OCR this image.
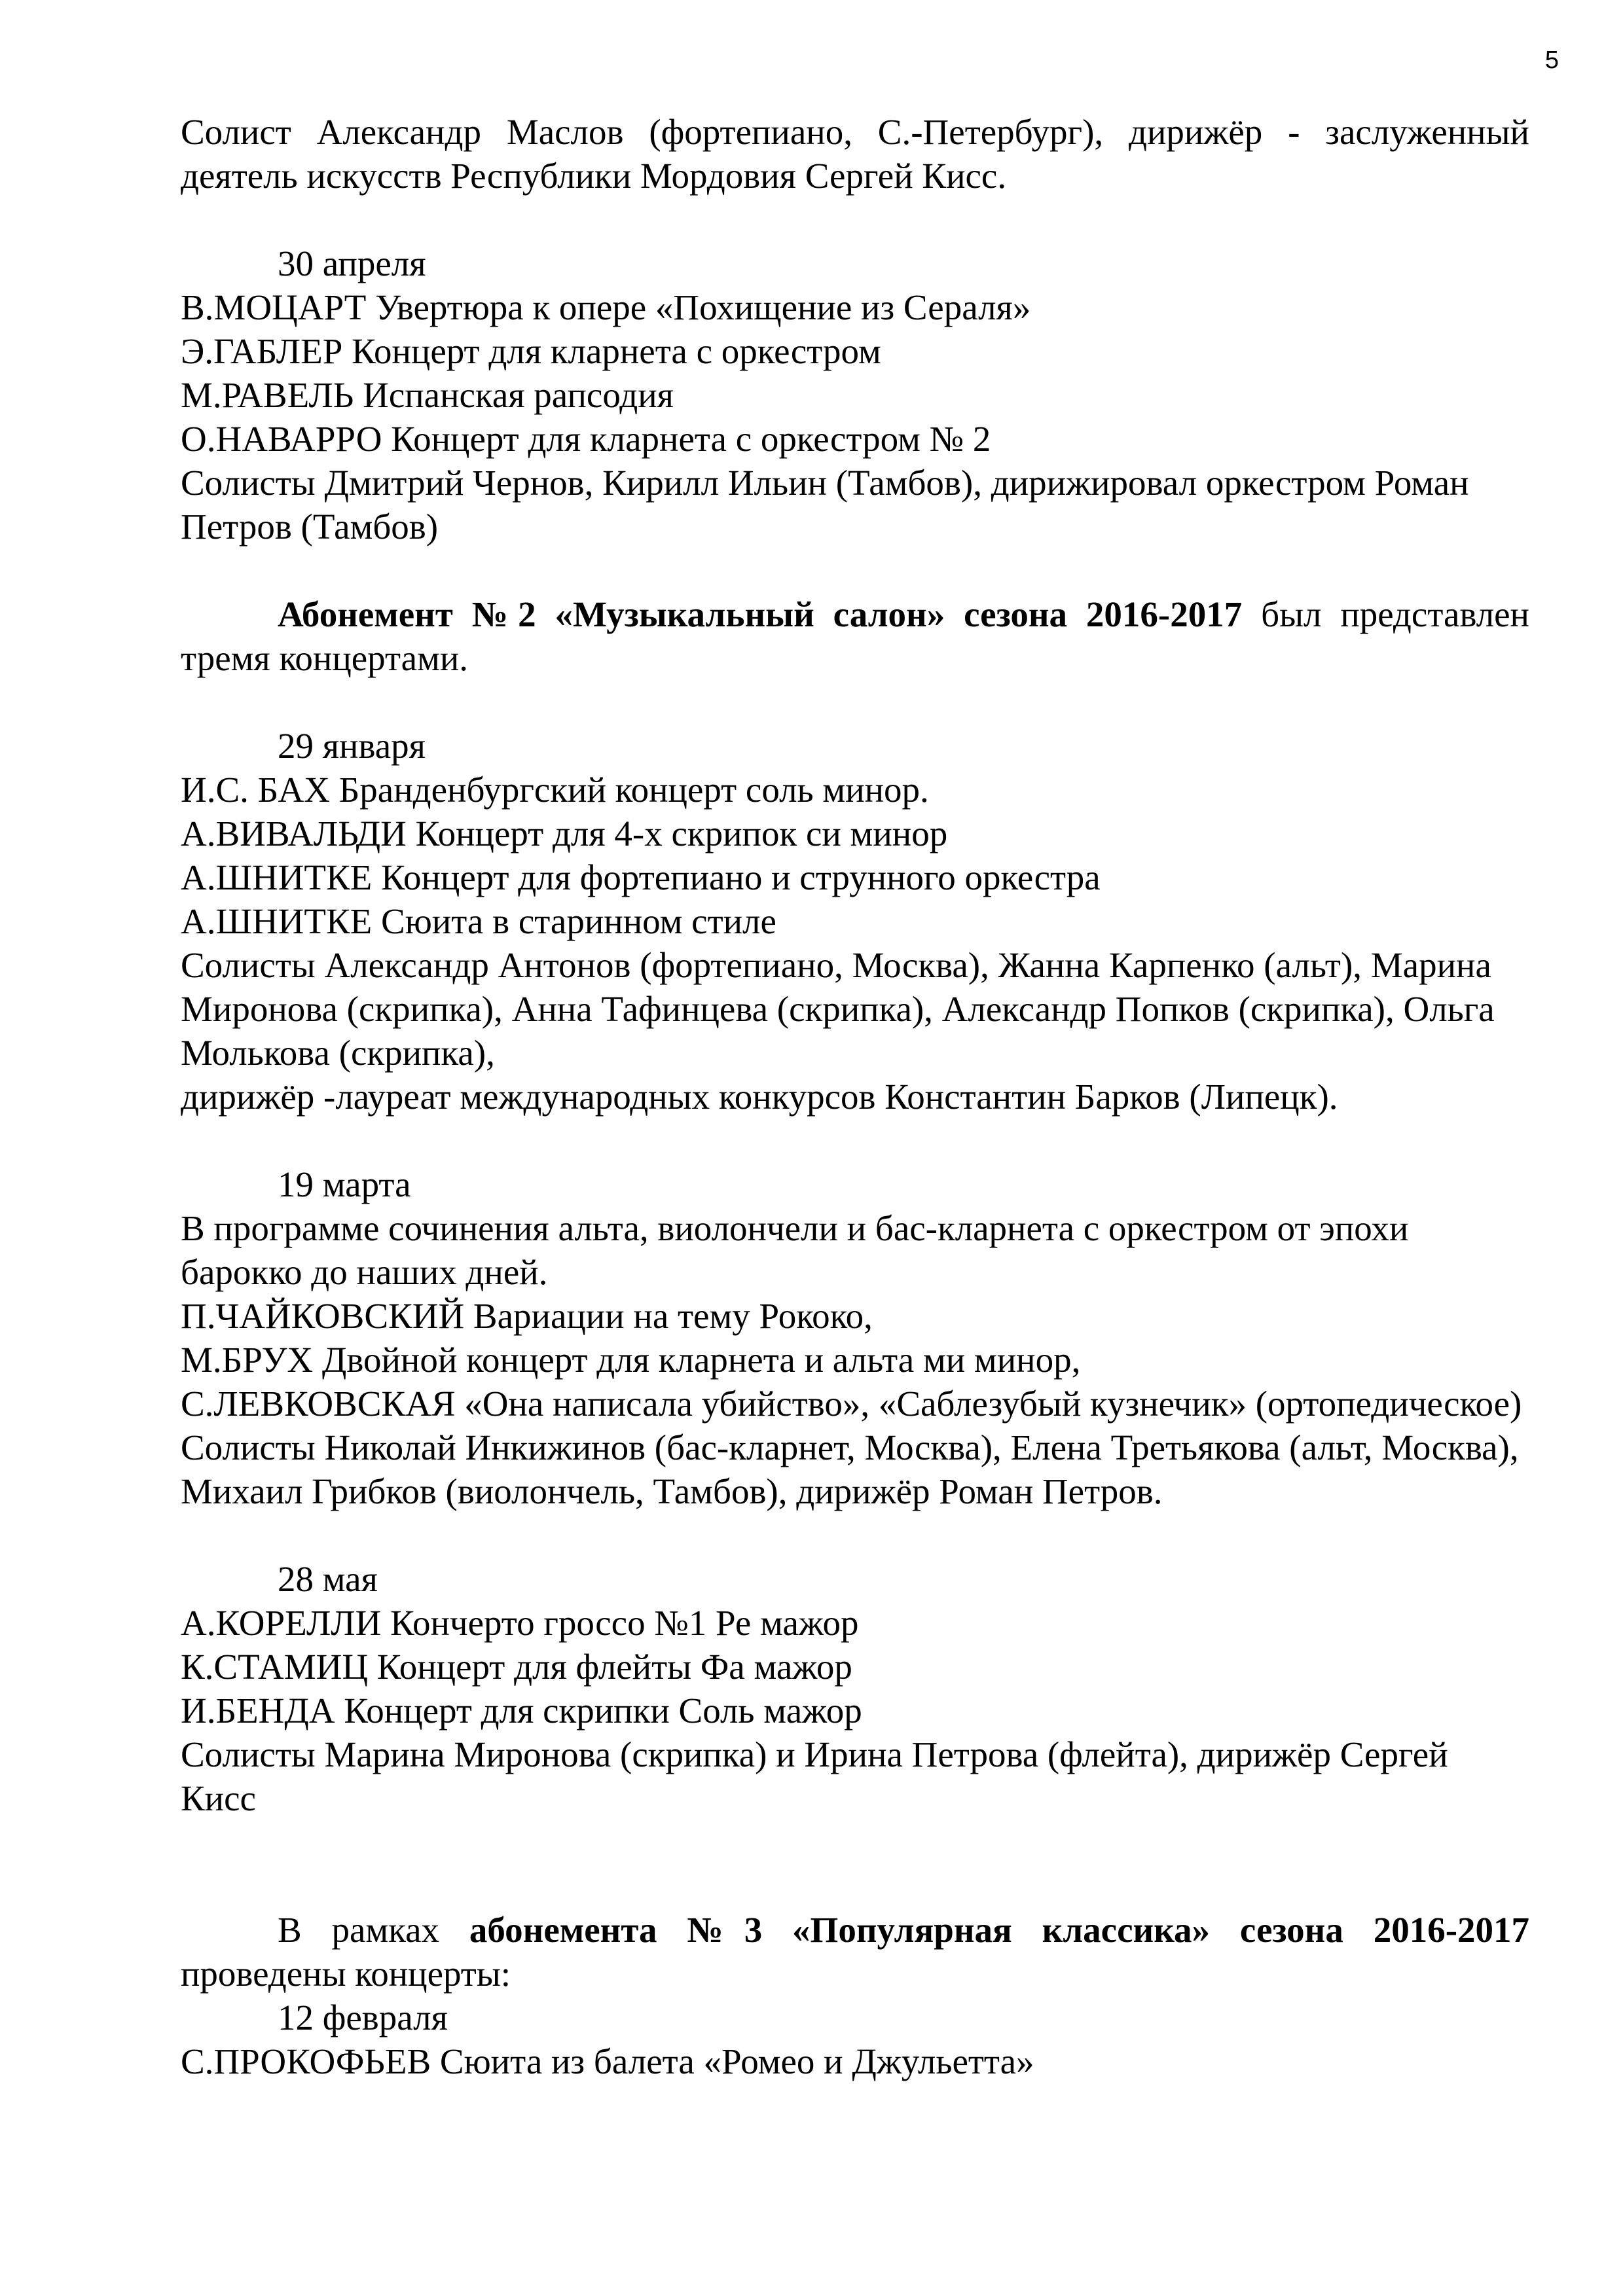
5

Солист Александр Маслов (фортепиано, С.-Петербург), дирижёр - заслуженный деятель искусств Республики Мордовия Сергей Кисс.

30 апреля

В.МОЦАРТ Увертюра к опере «Похищение из Сераля»

Э.ГАБЛЕР Концерт для кларнета с оркестром

М.РАВЕЛЬ Испанская рапсодия

О.НАВАРРО Концерт для кларнета с оркестром № 2

Солисты Дмитрий Чернов, Кирилл Ильин (Тамбов), дирижировал оркестром Роман Петров (Тамбов)

Абонемент №2 «Музыкальный салон» сезона 2016-2017 был представлен тремя концертами.

29 января

И.С. БАХ Бранденбургский концерт соль минор.

А.ВИВАЛЬДИ Концерт для 4-х скрипок си минор

А.ШНИТКЕ Концерт для фортепиано и струнного оркестра

А.ШНИТКЕ Сюита в старинном стиле

Солисты Александр Антонов (фортепиано, Москва), Жанна Карпенко (альт), Марина Миронова (скрипка), Анна Тафинцева (скрипка), Александр Попков (скрипка), Ольга Молькова (скрипка),

дирижёр -лауреат международных конкурсов Константин Барков (Липецк).

19 марта

В программе сочинения альта, виолончели и бас-кларнета с оркестром от эпохи барокко до наших дней.

П.ЧАЙКОВСКИЙ Вариации на тему Рококо,

М.БРУХ Двойной концерт для кларнета и альта ми минор,

С.ЛЕВКОВСКАЯ «Она написала убийство», «Саблезубый кузнечик» (ортопедическое)

Солисты Николай Инкижинов (бас-кларнет, Москва), Елена Третьякова (альт, Москва), Михаил Грибков (виолончель, Тамбов), дирижёр Роман Петров.

28 мая

А.КОРЕЛЛИ Кончерто гроссо №1 Ре мажор

К.СТАМИЦ Концерт для флейты Фа мажор

И.БЕНДА Концерт для скрипки Соль мажор

Солисты Марина Миронова (скрипка) и Ирина Петрова (флейта), дирижёр Сергей Кисс

В рамках абонемента №3 «Популярная классика» сезона 2016-2017 проведены концерты:

12 февраля

С.ПРОКОФЬЕВ Сюита из балета «Ромео и Джульетта»
